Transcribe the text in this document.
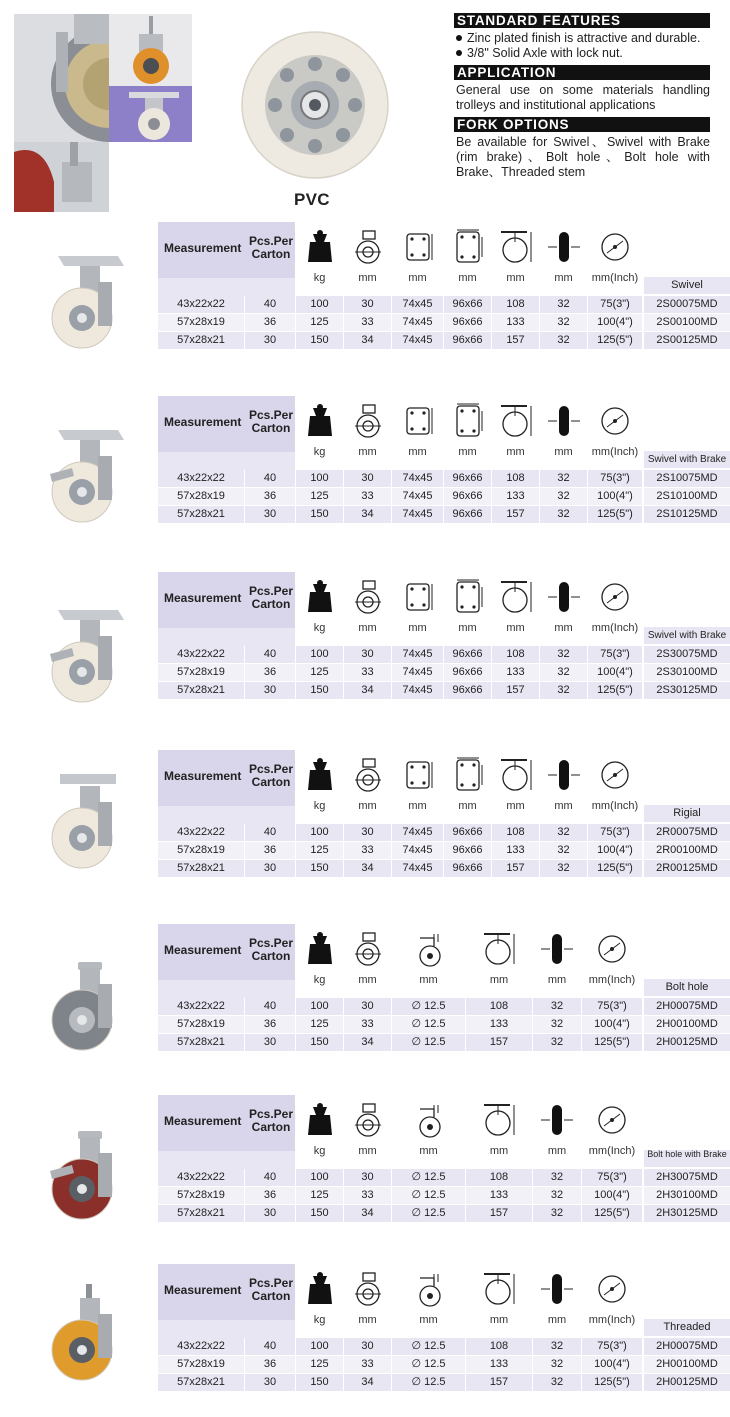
PVC
STANDARD FEATURES
Zinc plated finish is attractive and durable.
3/8" Solid Axle with lock nut.
APPLICATION
General use on some materials handling trolleys and institutional applications
FORK OPTIONS
Be available for Swivel、Swivel with Brake (rim brake)、Bolt hole、Bolt hole with Brake、Threaded stem
Measurement Pcs.Per Carton
kg	mm	mm	mm	mm	mm	mm(Inch)
Swivel
43x22x22	40	100	30	74x45	96x66	108	32	75(3")	2S00075MD
57x28x19	36	125	33	74x45	96x66	133	32	100(4")	2S00100MD
57x28x21	30	150	34	74x45	96x66	157	32	125(5")	2S00125MD
Measurement Pcs.Per Carton
kg	mm	mm	mm	mm	mm	mm(Inch)
Swivel with Brake
43x22x22	40	100	30	74x45	96x66	108	32	75(3")	2S10075MD
57x28x19	36	125	33	74x45	96x66	133	32	100(4")	2S10100MD
57x28x21	30	150	34	74x45	96x66	157	32	125(5")	2S10125MD
Measurement Pcs.Per Carton
kg	mm	mm	mm	mm	mm	mm(Inch)
Swivel with Brake
43x22x22	40	100	30	74x45	96x66	108	32	75(3")	2S30075MD
57x28x19	36	125	33	74x45	96x66	133	32	100(4")	2S30100MD
57x28x21	30	150	34	74x45	96x66	157	32	125(5")	2S30125MD
Measurement Pcs.Per Carton
kg	mm	mm	mm	mm	mm	mm(Inch)
Rigial
43x22x22	40	100	30	74x45	96x66	108	32	75(3")	2R00075MD
57x28x19	36	125	33	74x45	96x66	133	32	100(4")	2R00100MD
57x28x21	30	150	34	74x45	96x66	157	32	125(5")	2R00125MD
Measurement Pcs.Per Carton
kg	mm	mm	mm	mm	mm(Inch)
Bolt hole
43x22x22	40	100	30	∅ 12.5	108	32	75(3")	2H00075MD
57x28x19	36	125	33	∅ 12.5	133	32	100(4")	2H00100MD
57x28x21	30	150	34	∅ 12.5	157	32	125(5")	2H00125MD
Measurement Pcs.Per Carton
kg	mm	mm	mm	mm	mm(Inch)	Bolt hole with Brake
43x22x22	40	100	30	∅ 12.5	108	32	75(3")	2H30075MD
57x28x19	36	125	33	∅ 12.5	133	32	100(4")	2H30100MD
57x28x21	30	150	34	∅ 12.5	157	32	125(5")	2H30125MD
Measurement Pcs.Per Carton
kg	mm	mm	mm	mm	mm(Inch)
Threaded
43x22x22	40	100	30	∅ 12.5	108	32	75(3")	2H00075MD
57x28x19	36	125	33	∅ 12.5	133	32	100(4")	2H00100MD
57x28x21	30	150	34	∅ 12.5	157	32	125(5")	2H00125MD
